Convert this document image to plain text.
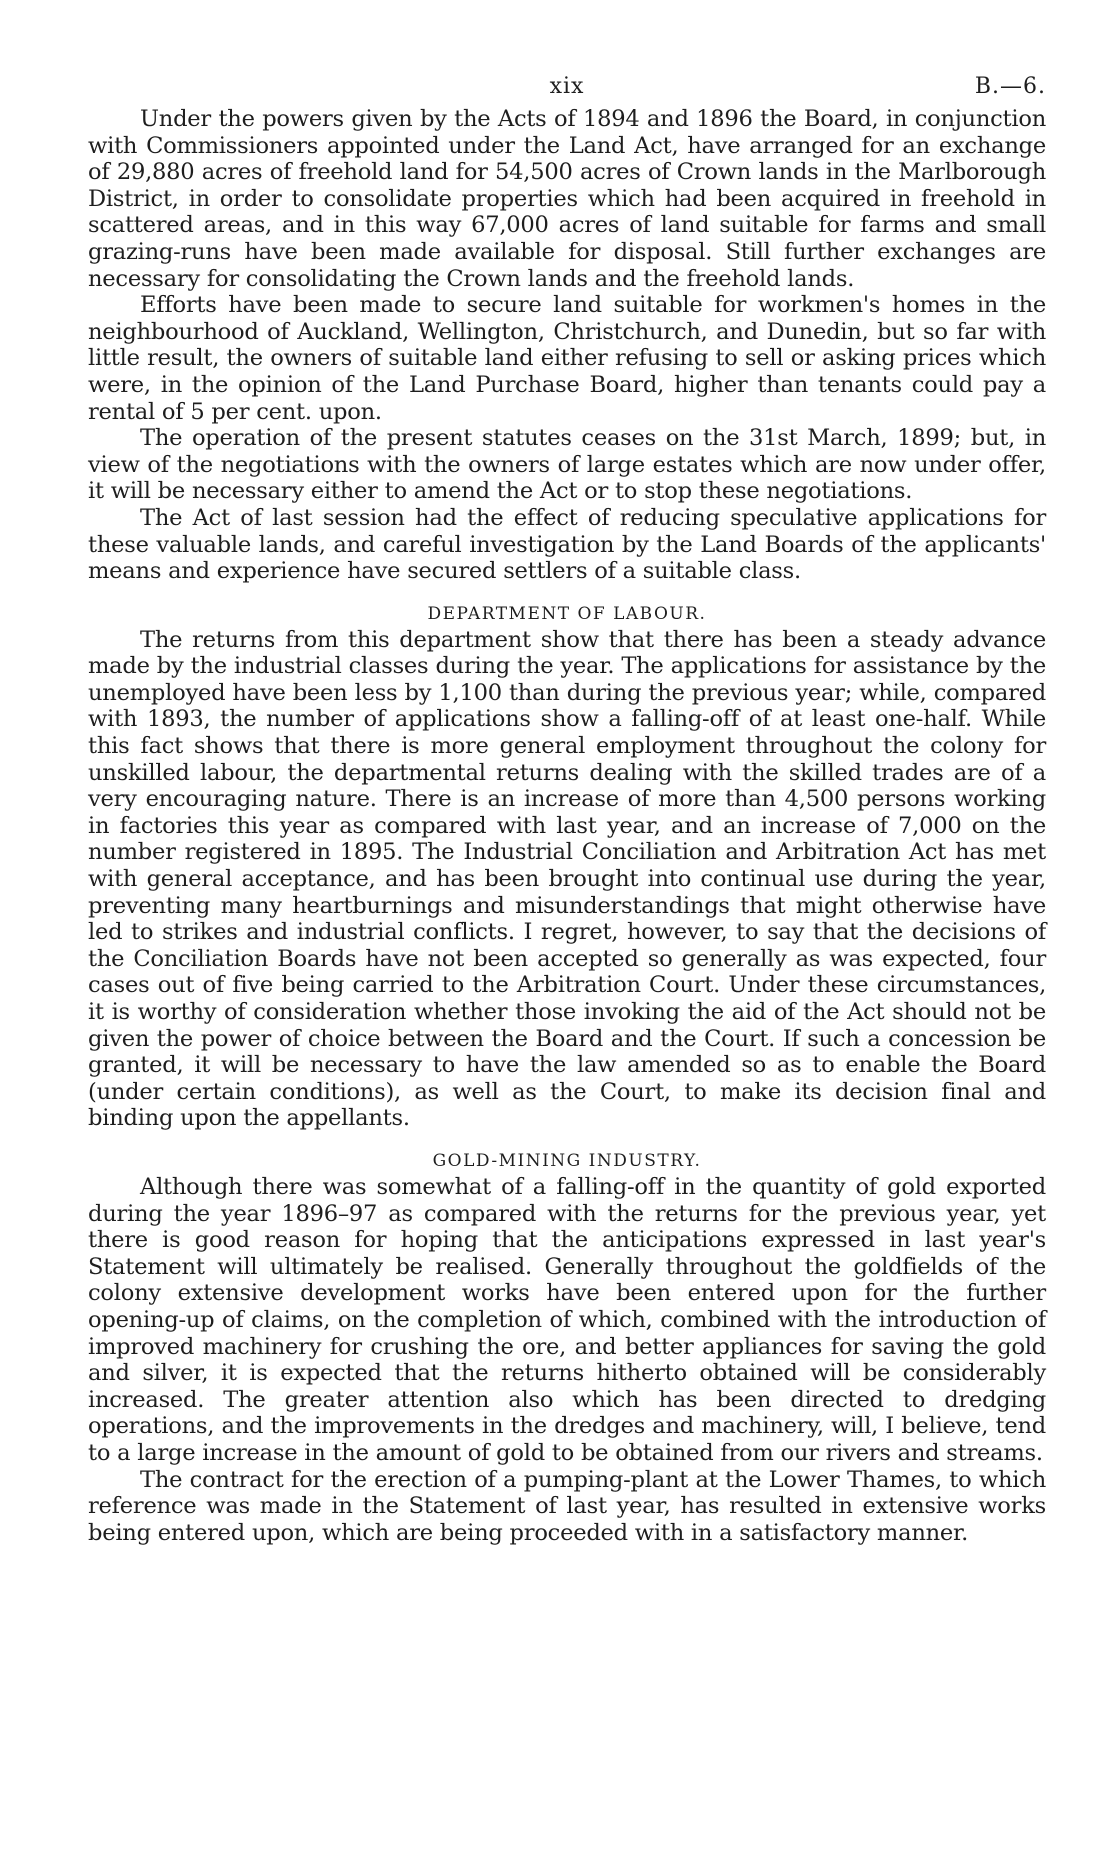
xix	B.—6.

Under the powers given by the Acts of 1894 and 1896 the Board, in conjunction with Commissioners appointed under the Land Act, have arranged for an exchange of 29,880 acres of freehold land for 54,500 acres of Crown lands in the Marlborough District, in order to consolidate properties which had been acquired in freehold in scattered areas, and in this way 67,000 acres of land suitable for farms and small grazing-runs have been made available for disposal. Still further exchanges are necessary for consolidating the Crown lands and the freehold lands.

Efforts have been made to secure land suitable for workmen's homes in the neighbourhood of Auckland, Wellington, Christchurch, and Dunedin, but so far with little result, the owners of suitable land either refusing to sell or asking prices which were, in the opinion of the Land Purchase Board, higher than tenants could pay a rental of 5 per cent. upon.

The operation of the present statutes ceases on the 31st March, 1899; but, in view of the negotiations with the owners of large estates which are now under offer, it will be necessary either to amend the Act or to stop these negotiations.

The Act of last session had the effect of reducing speculative applications for these valuable lands, and careful investigation by the Land Boards of the applicants' means and experience have secured settlers of a suitable class.

DEPARTMENT OF LABOUR.

The returns from this department show that there has been a steady advance made by the industrial classes during the year. The applications for assistance by the unemployed have been less by 1,100 than during the previous year; while, compared with 1893, the number of applications show a falling-off of at least one-half. While this fact shows that there is more general employment throughout the colony for unskilled labour, the departmental returns dealing with the skilled trades are of a very encouraging nature. There is an increase of more than 4,500 persons working in factories this year as compared with last year, and an increase of 7,000 on the number registered in 1895. The Industrial Conciliation and Arbitration Act has met with general acceptance, and has been brought into continual use during the year, preventing many heartburnings and misunderstandings that might otherwise have led to strikes and industrial conflicts. I regret, however, to say that the decisions of the Conciliation Boards have not been accepted so generally as was expected, four cases out of five being carried to the Arbitration Court. Under these circumstances, it is worthy of consideration whether those invoking the aid of the Act should not be given the power of choice between the Board and the Court. If such a concession be granted, it will be necessary to have the law amended so as to enable the Board (under certain conditions), as well as the Court, to make its decision final and binding upon the appellants.

GOLD-MINING INDUSTRY.

Although there was somewhat of a falling-off in the quantity of gold exported during the year 1896–97 as compared with the returns for the previous year, yet there is good reason for hoping that the anticipations expressed in last year's Statement will ultimately be realised. Generally throughout the goldfields of the colony extensive development works have been entered upon for the further opening-up of claims, on the completion of which, combined with the introduction of improved machinery for crushing the ore, and better appliances for saving the gold and silver, it is expected that the returns hitherto obtained will be considerably increased. The greater attention also which has been directed to dredging operations, and the improvements in the dredges and machinery, will, I believe, tend to a large increase in the amount of gold to be obtained from our rivers and streams.

The contract for the erection of a pumping-plant at the Lower Thames, to which reference was made in the Statement of last year, has resulted in extensive works being entered upon, which are being proceeded with in a satisfactory manner.
